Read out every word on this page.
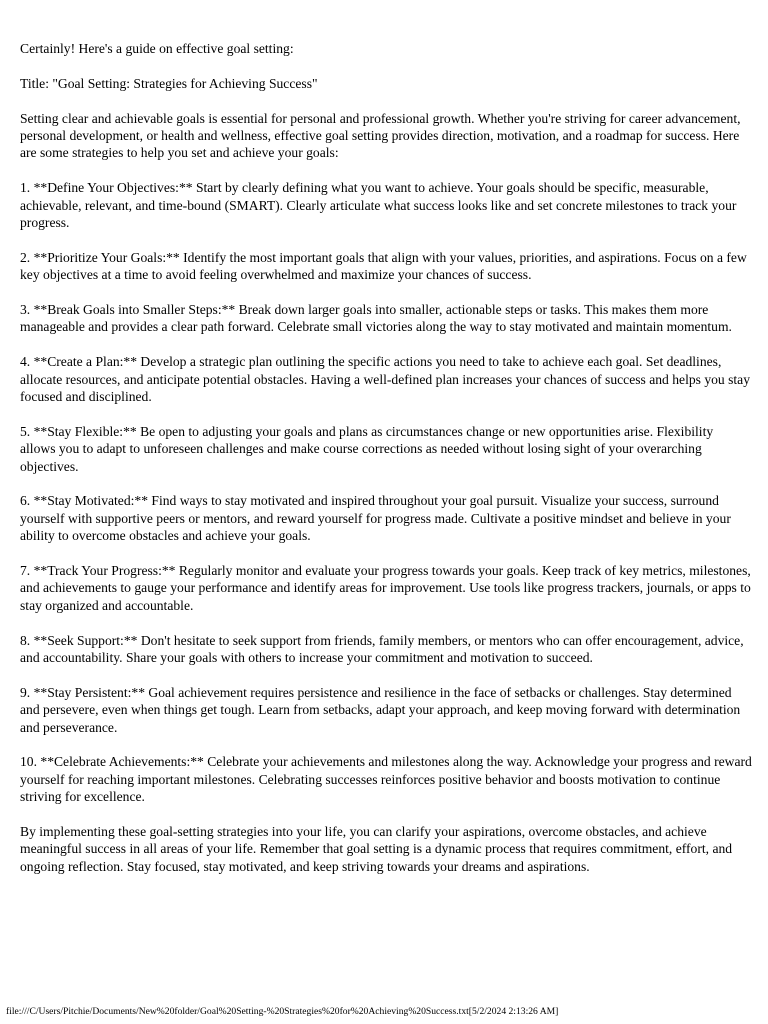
Certainly! Here's a guide on effective goal setting:

Title: "Goal Setting: Strategies for Achieving Success"

Setting clear and achievable goals is essential for personal and professional growth. Whether you're striving for career advancement, personal development, or health and wellness, effective goal setting provides direction, motivation, and a roadmap for success. Here are some strategies to help you set and achieve your goals:

1. **Define Your Objectives:** Start by clearly defining what you want to achieve. Your goals should be specific, measurable, achievable, relevant, and time-bound (SMART). Clearly articulate what success looks like and set concrete milestones to track your progress.

2. **Prioritize Your Goals:** Identify the most important goals that align with your values, priorities, and aspirations. Focus on a few key objectives at a time to avoid feeling overwhelmed and maximize your chances of success.

3. **Break Goals into Smaller Steps:** Break down larger goals into smaller, actionable steps or tasks. This makes them more manageable and provides a clear path forward. Celebrate small victories along the way to stay motivated and maintain momentum.

4. **Create a Plan:** Develop a strategic plan outlining the specific actions you need to take to achieve each goal. Set deadlines, allocate resources, and anticipate potential obstacles. Having a well-defined plan increases your chances of success and helps you stay focused and disciplined.

5. **Stay Flexible:** Be open to adjusting your goals and plans as circumstances change or new opportunities arise. Flexibility allows you to adapt to unforeseen challenges and make course corrections as needed without losing sight of your overarching objectives.

6. **Stay Motivated:** Find ways to stay motivated and inspired throughout your goal pursuit. Visualize your success, surround yourself with supportive peers or mentors, and reward yourself for progress made. Cultivate a positive mindset and believe in your ability to overcome obstacles and achieve your goals.

7. **Track Your Progress:** Regularly monitor and evaluate your progress towards your goals. Keep track of key metrics, milestones, and achievements to gauge your performance and identify areas for improvement. Use tools like progress trackers, journals, or apps to stay organized and accountable.

8. **Seek Support:** Don't hesitate to seek support from friends, family members, or mentors who can offer encouragement, advice, and accountability. Share your goals with others to increase your commitment and motivation to succeed.

9. **Stay Persistent:** Goal achievement requires persistence and resilience in the face of setbacks or challenges. Stay determined and persevere, even when things get tough. Learn from setbacks, adapt your approach, and keep moving forward with determination and perseverance.

10. **Celebrate Achievements:** Celebrate your achievements and milestones along the way. Acknowledge your progress and reward yourself for reaching important milestones. Celebrating successes reinforces positive behavior and boosts motivation to continue striving for excellence.

By implementing these goal-setting strategies into your life, you can clarify your aspirations, overcome obstacles, and achieve meaningful success in all areas of your life. Remember that goal setting is a dynamic process that requires commitment, effort, and ongoing reflection. Stay focused, stay motivated, and keep striving towards your dreams and aspirations.

file:///C/Users/Pitchie/Documents/New%20folder/Goal%20Setting-%20Strategies%20for%20Achieving%20Success.txt[5/2/2024 2:13:26 AM]
